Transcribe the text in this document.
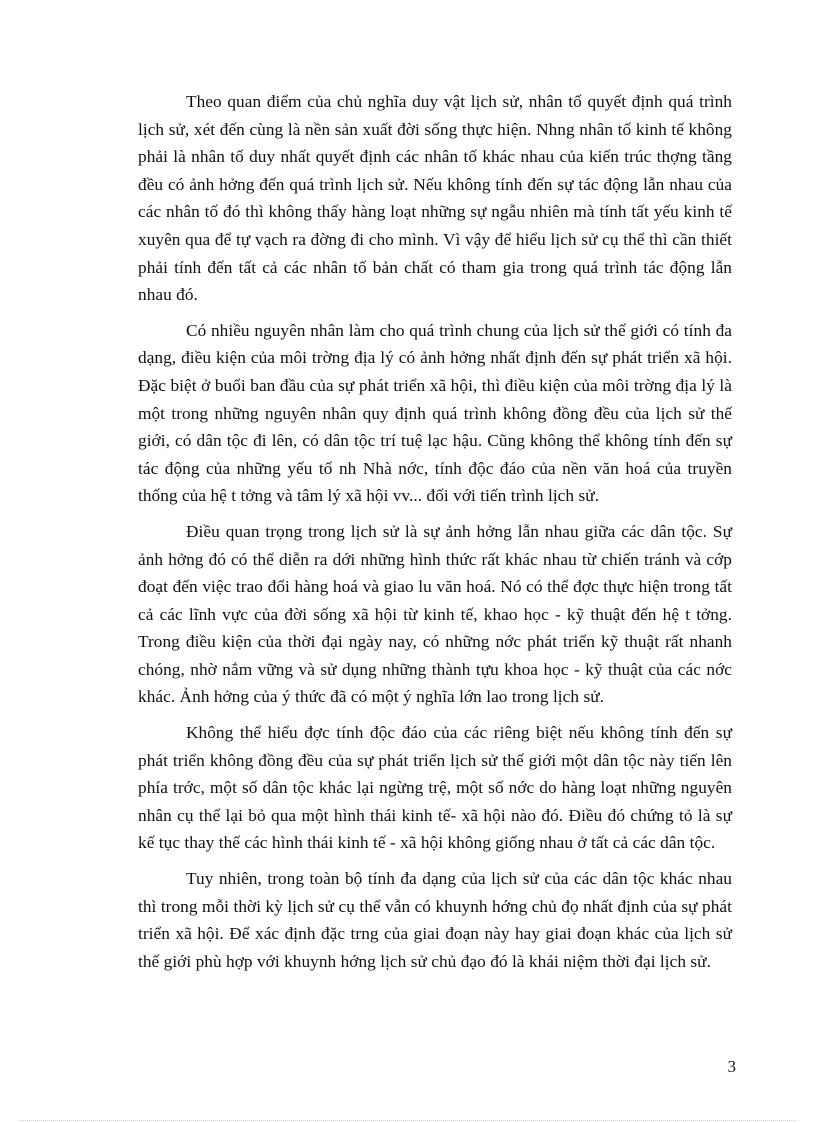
Theo quan điểm của chủ nghĩa duy vật lịch sử, nhân tố quyết định quá trình lịch sử, xét đến cùng là nền sản xuất đời sống thực hiện. Nhng nhân tố kinh tế không phải là nhân tố duy nhất quyết định các nhân tố khác nhau của kiến trúc thợng tầng đều có ảnh hởng đến quá trình lịch sử. Nếu không tính đến sự tác động lẫn nhau của các nhân tố đó thì không thấy hàng loạt những sự ngẫu nhiên mà tính tất yếu kinh tế xuyên qua để tự vạch ra đờng đi cho mình. Vì vậy để hiểu lịch sử cụ thể thì cần thiết phải tính đến tất cả các nhân tố bản chất có tham gia trong quá trình tác động lẫn nhau đó.

Có nhiều nguyên nhân làm cho quá trình chung của lịch sử thế giới có tính đa dạng, điều kiện của môi trờng địa lý có ảnh hởng nhất định đến sự phát triển xã hội. Đặc biệt ở buổi ban đầu của sự phát triển xã hội, thì điều kiện của môi trờng địa lý là một trong những nguyên nhân quy định quá trình không đồng đều của lịch sử thế giới, có dân tộc đi lên, có dân tộc trí tuệ lạc hậu. Cũng không thể không tính đến sự tác động của những yếu tố nh Nhà nớc, tính độc đáo của nền văn hoá của truyền thống của hệ t tởng và tâm lý xã hội vv... đối với tiến trình lịch sử.

Điều quan trọng trong lịch sử là sự ảnh hởng lẫn nhau giữa các dân tộc. Sự ảnh hởng đó có thể diễn ra dới những hình thức rất khác nhau từ chiến tránh và cớp đoạt đến việc trao đổi hàng hoá và giao lu văn hoá. Nó có thể đợc thực hiện trong tất cả các lĩnh vực của đời sống xã hội từ kinh tế, khao học - kỹ thuật đến hệ t tởng. Trong điều kiện của thời đại ngày nay, có những nớc phát triển kỹ thuật rất nhanh chóng, nhờ nắm vững và sử dụng những thành tựu khoa học - kỹ thuật của các nớc khác. Ảnh hởng của ý thức đã có một ý nghĩa lớn lao trong lịch sử.

Không thể hiểu đợc tính độc đáo của các riêng biệt nếu không tính đến sự phát triển không đồng đều của sự phát triển lịch sử thế giới một dân tộc này tiến lên phía trớc, một số dân tộc khác lại ngừng trệ, một số nớc do hàng loạt những nguyên nhân cụ thể lại bỏ qua một hình thái kinh tế- xã hội nào đó. Điều đó chứng tỏ là sự kế tục thay thế các hình thái kinh tế - xã hội không giống nhau ở tất cả các dân tộc.

Tuy nhiên, trong toàn bộ tính đa dạng của lịch sử của các dân tộc khác nhau thì trong mỗi thời kỳ lịch sử cụ thể vẫn có khuynh hớng chủ đọ nhất định của sự phát triển xã hội. Để xác định đặc trng của giai đoạn này hay giai đoạn khác của lịch sử thế giới phù hợp với khuynh hớng lịch sử chủ đạo đó là khái niệm thời đại lịch sử.

3
